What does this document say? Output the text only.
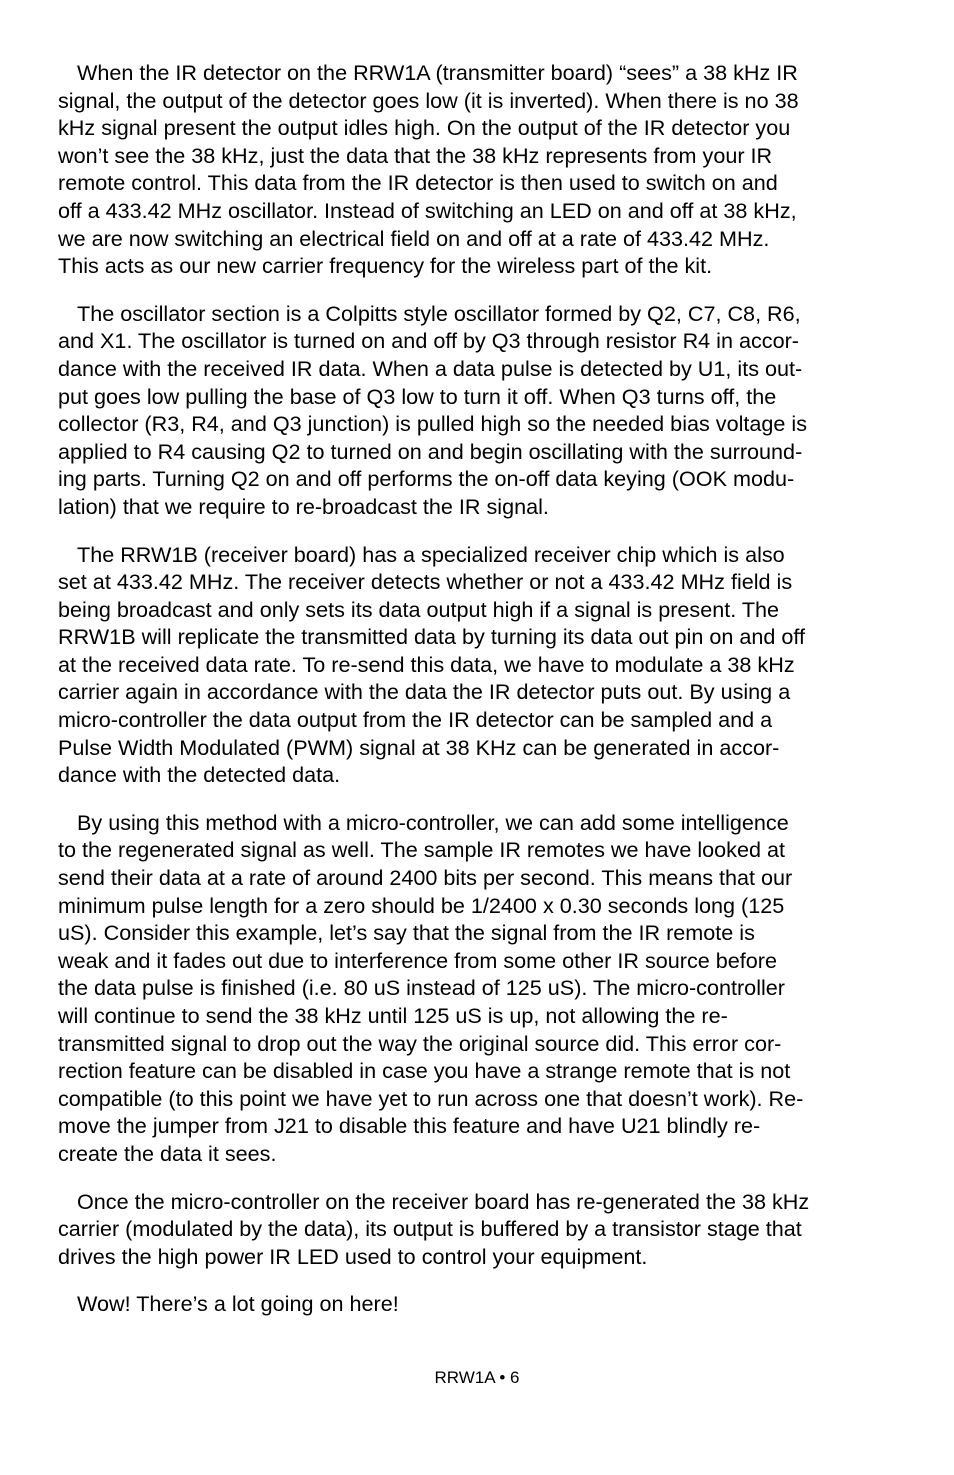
When the IR detector on the RRW1A (transmitter board) “sees” a 38 kHz IR
signal, the output of the detector goes low (it is inverted). When there is no 38
kHz signal present the output idles high. On the output of the IR detector you
won’t see the 38 kHz, just the data that the 38 kHz represents from your IR
remote control. This data from the IR detector is then used to switch on and
off a 433.42 MHz oscillator. Instead of switching an LED on and off at 38 kHz,
we are now switching an electrical field on and off at a rate of 433.42 MHz.
This acts as our new carrier frequency for the wireless part of the kit.

The oscillator section is a Colpitts style oscillator formed by Q2, C7, C8, R6,
and X1. The oscillator is turned on and off by Q3 through resistor R4 in accor-
dance with the received IR data. When a data pulse is detected by U1, its out-
put goes low pulling the base of Q3 low to turn it off. When Q3 turns off, the
collector (R3, R4, and Q3 junction) is pulled high so the needed bias voltage is
applied to R4 causing Q2 to turned on and begin oscillating with the surround-
ing parts. Turning Q2 on and off performs the on-off data keying (OOK modu-
lation) that we require to re-broadcast the IR signal.

The RRW1B (receiver board) has a specialized receiver chip which is also
set at 433.42 MHz. The receiver detects whether or not a 433.42 MHz field is
being broadcast and only sets its data output high if a signal is present. The
RRW1B will replicate the transmitted data by turning its data out pin on and off
at the received data rate. To re-send this data, we have to modulate a 38 kHz
carrier again in accordance with the data the IR detector puts out. By using a
micro-controller the data output from the IR detector can be sampled and a
Pulse Width Modulated (PWM) signal at 38 KHz can be generated in accor-
dance with the detected data.

By using this method with a micro-controller, we can add some intelligence
to the regenerated signal as well. The sample IR remotes we have looked at
send their data at a rate of around 2400 bits per second. This means that our
minimum pulse length for a zero should be 1/2400 x 0.30 seconds long (125
uS). Consider this example, let’s say that the signal from the IR remote is
weak and it fades out due to interference from some other IR source before
the data pulse is finished (i.e. 80 uS instead of 125 uS). The micro-controller
will continue to send the 38 kHz until 125 uS is up, not allowing the re-
transmitted signal to drop out the way the original source did. This error cor-
rection feature can be disabled in case you have a strange remote that is not
compatible (to this point we have yet to run across one that doesn’t work). Re-
move the jumper from J21 to disable this feature and have U21 blindly re-
create the data it sees.

Once the micro-controller on the receiver board has re-generated the 38 kHz
carrier (modulated by the data), its output is buffered by a transistor stage that
drives the high power IR LED used to control your equipment.

Wow! There’s a lot going on here!

RRW1A • 6
